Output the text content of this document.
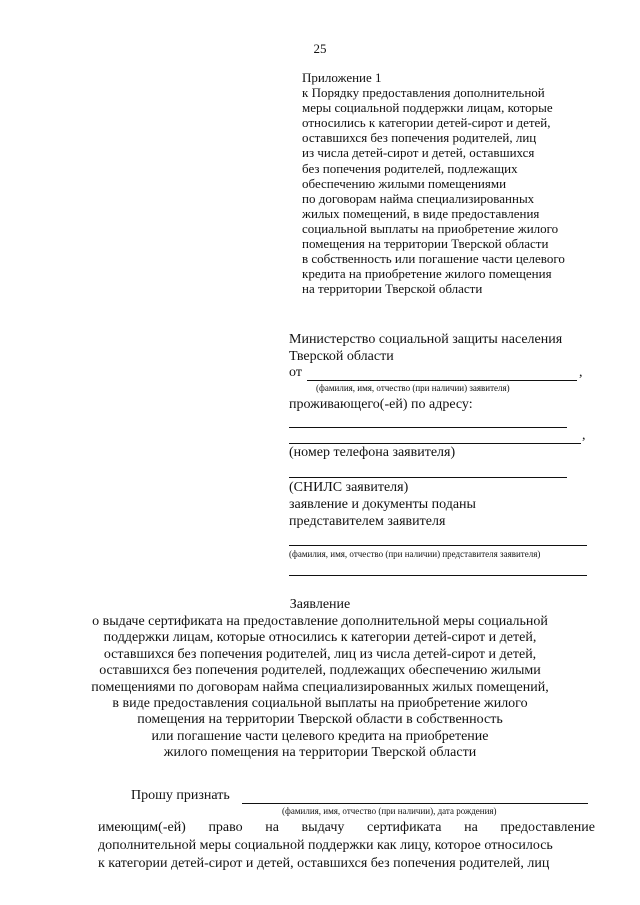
25
Приложение 1
к Порядку предоставления дополнительной
меры социальной поддержки лицам, которые
относились к категории детей-сирот и детей,
оставшихся без попечения родителей, лиц
из числа детей-сирот и детей, оставшихся
без попечения родителей, подлежащих
обеспечению жилыми помещениями
по договорам найма специализированных
жилых помещений, в виде предоставления
социальной выплаты на приобретение жилого
помещения на территории Тверской области
в собственность или погашение части целевого
кредита на приобретение жилого помещения
на территории Тверской области
Министерство социальной защиты населения
Тверской области
от	,
(фамилия, имя, отчество (при наличии) заявителя)
проживающего(-ей) по адресу:
,
(номер телефона заявителя)
(СНИЛС заявителя)
заявление и документы поданы
представителем заявителя
(фамилия, имя, отчество (при наличии) представителя заявителя)
Заявление
о выдаче сертификата на предоставление дополнительной меры социальной
поддержки лицам, которые относились к категории детей-сирот и детей,
оставшихся без попечения родителей, лиц из числа детей-сирот и детей,
оставшихся без попечения родителей, подлежащих обеспечению жилыми
помещениями по договорам найма специализированных жилых помещений,
в виде предоставления социальной выплаты на приобретение жилого
помещения на территории Тверской области в собственность
или погашение части целевого кредита на приобретение
жилого помещения на территории Тверской области
Прошу признать
(фамилия, имя, отчество (при наличии), дата рождения)
имеющим(-ей) право на выдачу сертификата на предоставление
дополнительной меры социальной поддержки как лицу, которое относилось
к категории детей-сирот и детей, оставшихся без попечения родителей, лиц
